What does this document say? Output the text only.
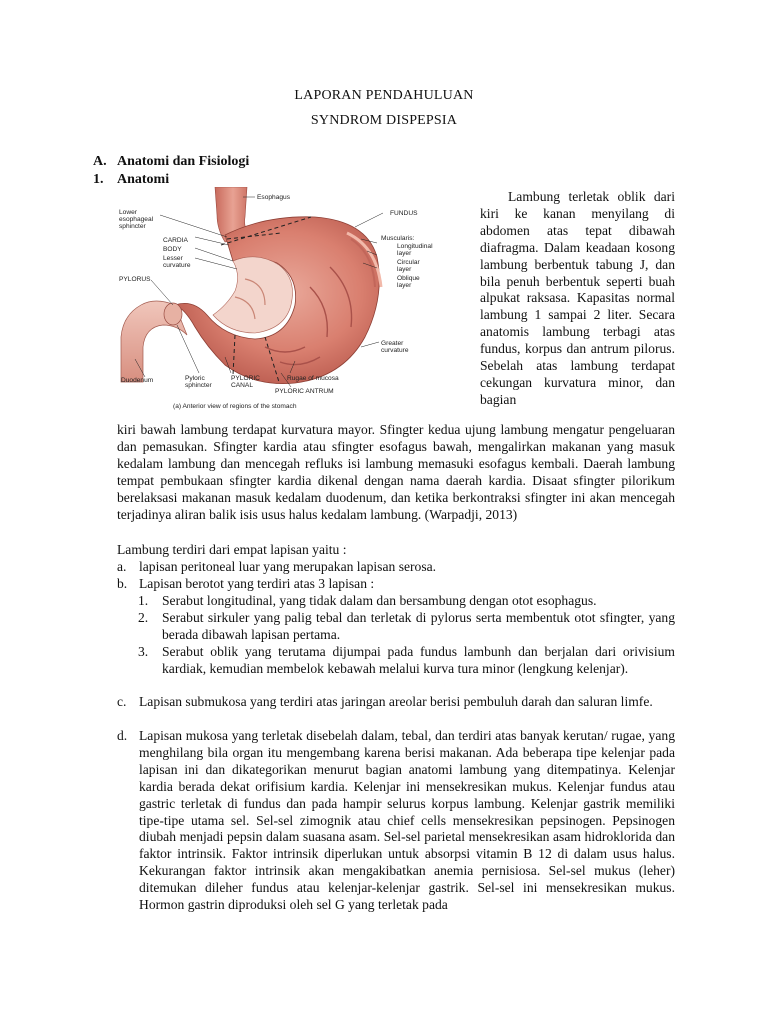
LAPORAN PENDAHULUAN
SYNDROM DISPEPSIA
A. Anatomi dan Fisiologi
1. Anatomi
Esophagus
Lower
esophageal
sphincter
CARDIA
BODY
Lesser
curvature
PYLORUS
FUNDUS
Muscularis:
Longitudinal
layer
Circular
layer
Oblique
layer
Greater
curvature
Duodenum	Pyloric
sphincter
PYLORIC
CANAL
Rugae of mucosa
PYLORIC ANTRUM
(a) Anterior view of regions of the stomach

Lambung terletak oblik dari kiri ke kanan menyilang di abdomen atas tepat dibawah diafragma. Dalam keadaan kosong lambung berbentuk tabung J, dan bila penuh berbentuk seperti buah alpukat raksasa. Kapasitas normal lambung 1 sampai 2 liter. Secara anatomis lambung terbagi atas fundus, korpus dan antrum pilorus. Sebelah atas lambung terdapat cekungan kurvatura minor, dan bagian

kiri bawah lambung terdapat kurvatura mayor. Sfingter kedua ujung lambung mengatur pengeluaran dan pemasukan. Sfingter kardia atau sfingter esofagus bawah, mengalirkan makanan yang masuk kedalam lambung dan mencegah refluks isi lambung memasuki esofagus kembali. Daerah lambung tempat pembukaan sfingter kardia dikenal dengan nama daerah kardia. Disaat sfingter pilorikum berelaksasi makanan masuk kedalam duodenum, dan ketika berkontraksi sfingter ini akan mencegah terjadinya aliran balik isis usus halus kedalam lambung. (Warpadji, 2013)

Lambung terdiri dari empat lapisan yaitu :
a. lapisan peritoneal luar yang merupakan lapisan serosa.
b. Lapisan berotot yang terdiri atas 3 lapisan :
1. Serabut longitudinal, yang tidak dalam dan bersambung dengan otot esophagus.
2. Serabut sirkuler yang palig tebal dan terletak di pylorus serta membentuk otot sfingter, yang berada dibawah lapisan pertama.
3. Serabut oblik yang terutama dijumpai pada fundus lambunh dan berjalan dari orivisium kardiak, kemudian membelok kebawah melalui kurva tura minor (lengkung kelenjar).
c. Lapisan submukosa yang terdiri atas jaringan areolar berisi pembuluh darah dan saluran limfe.
d. Lapisan mukosa yang terletak disebelah dalam, tebal, dan terdiri atas banyak kerutan/ rugae, yang menghilang bila organ itu mengembang karena berisi makanan. Ada beberapa tipe kelenjar pada lapisan ini dan dikategorikan menurut bagian anatomi lambung yang ditempatinya. Kelenjar kardia berada dekat orifisium kardia. Kelenjar ini mensekresikan mukus. Kelenjar fundus atau gastric terletak di fundus dan pada hampir selurus korpus lambung. Kelenjar gastrik memiliki tipe-tipe utama sel. Sel-sel zimognik atau chief cells mensekresikan pepsinogen. Pepsinogen diubah menjadi pepsin dalam suasana asam. Sel-sel parietal mensekresikan asam hidroklorida dan faktor intrinsik. Faktor intrinsik diperlukan untuk absorpsi vitamin B 12 di dalam usus halus. Kekurangan faktor intrinsik akan mengakibatkan anemia pernisiosa. Sel-sel mukus (leher) ditemukan dileher fundus atau kelenjar-kelenjar gastrik. Sel-sel ini mensekresikan mukus. Hormon gastrin diproduksi oleh sel G yang terletak pada
